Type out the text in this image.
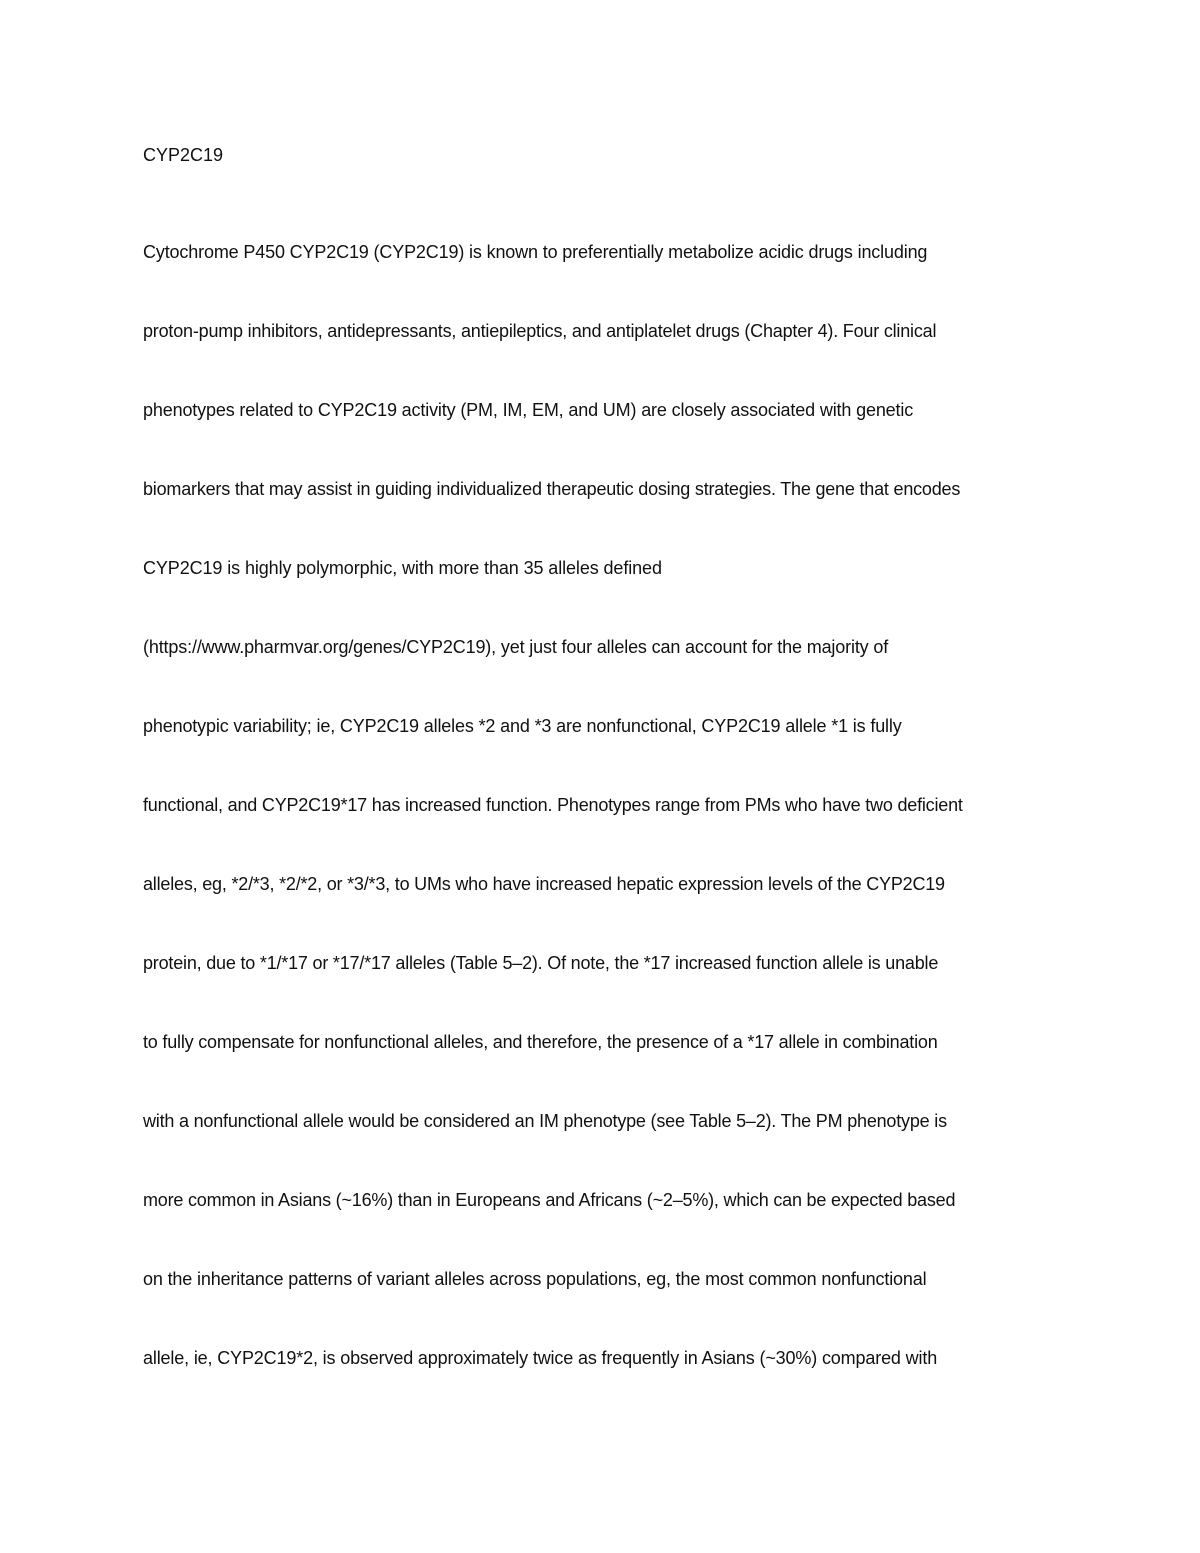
CYP2C19
Cytochrome P450 CYP2C19 (CYP2C19) is known to preferentially metabolize acidic drugs including
proton-pump inhibitors, antidepressants, antiepileptics, and antiplatelet drugs (Chapter 4). Four clinical
phenotypes related to CYP2C19 activity (PM, IM, EM, and UM) are closely associated with genetic
biomarkers that may assist in guiding individualized therapeutic dosing strategies. The gene that encodes
CYP2C19 is highly polymorphic, with more than 35 alleles defined
(https://www.pharmvar.org/genes/CYP2C19), yet just four alleles can account for the majority of
phenotypic variability; ie, CYP2C19 alleles *2 and *3 are nonfunctional, CYP2C19 allele *1 is fully
functional, and CYP2C19*17 has increased function. Phenotypes range from PMs who have two deficient
alleles, eg, *2/*3, *2/*2, or *3/*3, to UMs who have increased hepatic expression levels of the CYP2C19
protein, due to *1/*17 or *17/*17 alleles (Table 5–2). Of note, the *17 increased function allele is unable
to fully compensate for nonfunctional alleles, and therefore, the presence of a *17 allele in combination
with a nonfunctional allele would be considered an IM phenotype (see Table 5–2). The PM phenotype is
more common in Asians (~16%) than in Europeans and Africans (~2–5%), which can be expected based
on the inheritance patterns of variant alleles across populations, eg, the most common nonfunctional
allele, ie, CYP2C19*2, is observed approximately twice as frequently in Asians (~30%) compared with
